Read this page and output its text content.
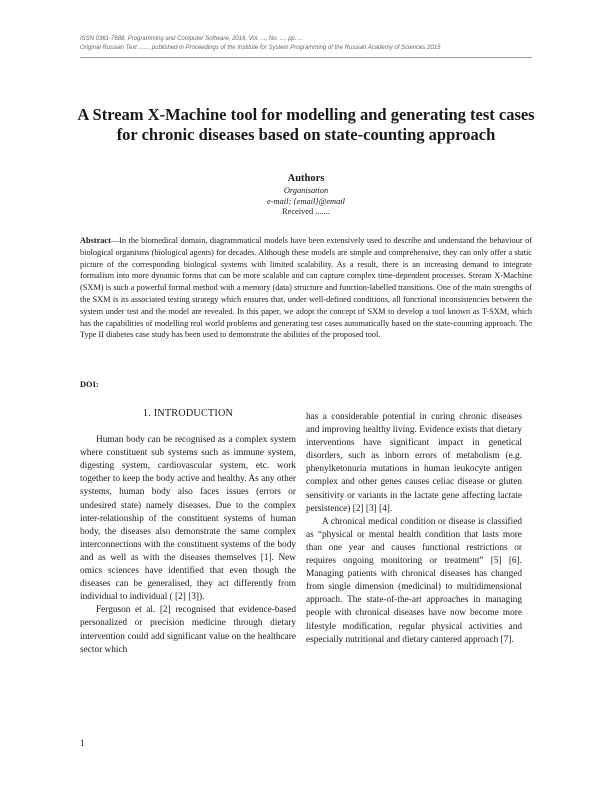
ISSN 0361-7688, Programming and Computer Software, 2016, Vol. ..., No. ..., pp. ...
Original Russian Text ......, published in Proceedings of the Institute for System Programming of the Russian Academy of Sciences 2015
A Stream X-Machine tool for modelling and generating test cases for chronic diseases based on state-counting approach
Authors
Organisation
e-mail: {email}@email
Received .......
Abstract—In the biomedical domain, diagrammatical models have been extensively used to describe and understand the behaviour of biological organisms (biological agents) for decades. Although these models are simple and comprehensive, they can only offer a static picture of the corresponding biological systems with limited scalability. As a result, there is an increasing demand to integrate formalism into more dynamic forms that can be more scalable and can capture complex time-dependent processes. Stream X-Machine (SXM) is such a powerful formal method with a memory (data) structure and function-labelled transitions. One of the main strengths of the SXM is its associated testing strategy which ensures that, under well-defined conditions, all functional inconsistencies between the system under test and the model are revealed. In this paper, we adopt the concept of SXM to develop a tool known as T-SXM, which has the capabilities of modelling real world problems and generating test cases automatically based on the state-counting approach. The Type II diabetes case study has been used to demonstrate the abilities of the proposed tool.
DOI:
1. INTRODUCTION

Human body can be recognised as a complex system where constituent sub systems such as immune system, digesting system, cardiovascular system, etc. work together to keep the body active and healthy. As any other systems, human body also faces issues (errors or undesired state) namely diseases. Due to the complex inter-relationship of the constituent systems of human body, the diseases also demonstrate the same complex interconnections with the constituent systems of the body and as well as with the diseases themselves [1]. New omics sciences have identified that even though the diseases can be generalised, they act differently from individual to individual ( [2] [3]).

Ferguson et al. [2] recognised that evidence-based personalized or precision medicine through dietary intervention could add significant value on the healthcare sector which

has a considerable potential in curing chronic diseases and improving healthy living. Evidence exists that dietary interventions have significant impact in genetical disorders, such as inborn errors of metabolism (e.g. phenylketonuria mutations in human leukocyte antigen complex and other genes causes celiac disease or gluten sensitivity or variants in the lactate gene affecting lactate persistence) [2] [3] [4].

A chronical medical condition or disease is classified as “physical or mental health condition that lasts more than one year and causes functional restrictions or requires ongoing monitoring or treatment” [5] [6]. Managing patients with chronical diseases has changed from single dimension (medicinal) to multidimensional approach. The state-of-the-art approaches in managing people with chronical diseases have now become more lifestyle modification, regular physical activities and especially nutritional and dietary cantered approach [7].

1
